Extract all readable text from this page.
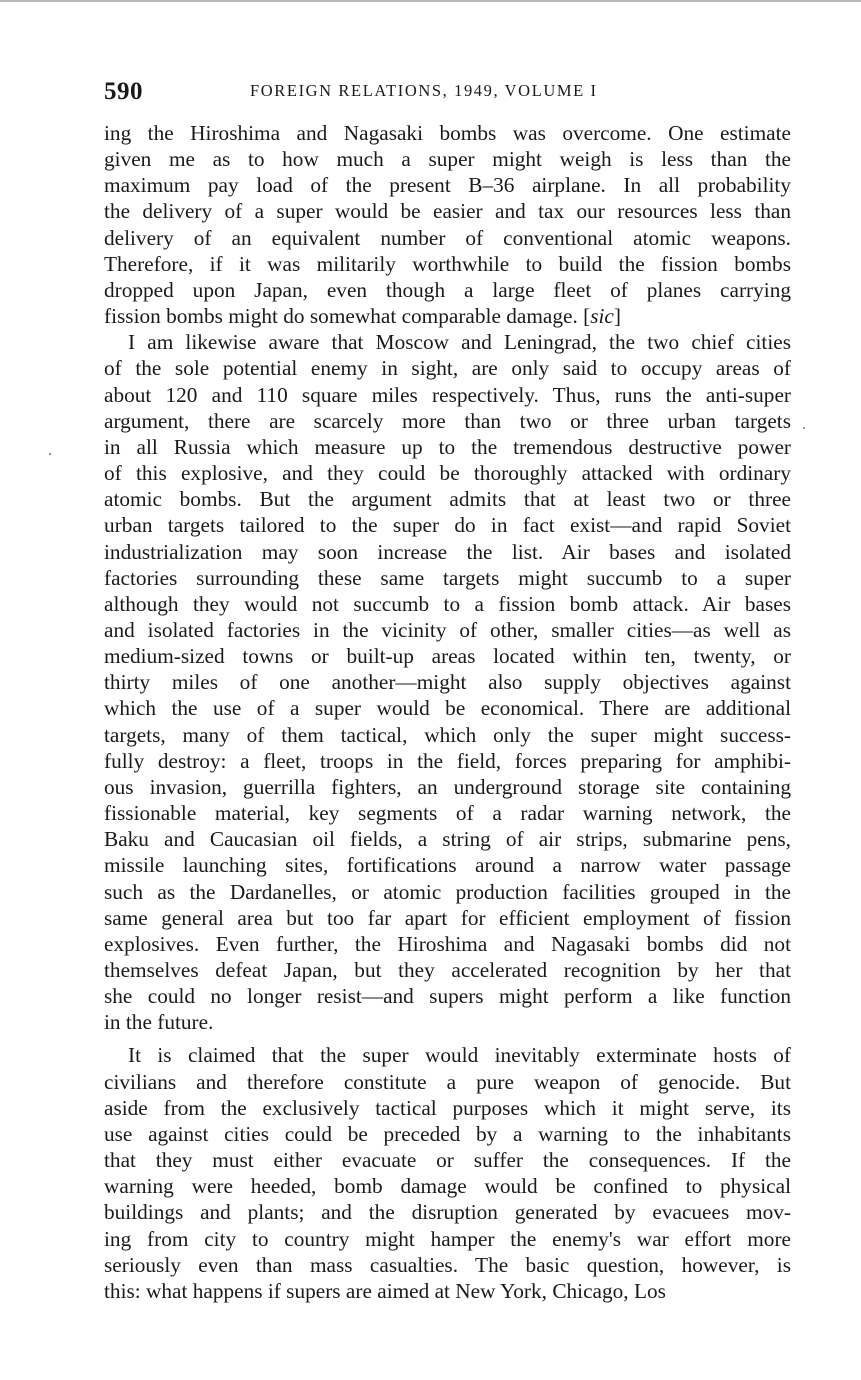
590	FOREIGN RELATIONS, 1949, VOLUME I
ing the Hiroshima and Nagasaki bombs was overcome. One estimate
given me as to how much a super might weigh is less than the
maximum pay load of the present B–36 airplane. In all probability
the delivery of a super would be easier and tax our resources less than
delivery of an equivalent number of conventional atomic weapons.
Therefore, if it was militarily worthwhile to build the fission bombs
dropped upon Japan, even though a large fleet of planes carrying
fission bombs might do somewhat comparable damage. [sic]
I am likewise aware that Moscow and Leningrad, the two chief cities
of the sole potential enemy in sight, are only said to occupy areas of
about 120 and 110 square miles respectively. Thus, runs the anti-super
argument, there are scarcely more than two or three urban targets
in all Russia which measure up to the tremendous destructive power
of this explosive, and they could be thoroughly attacked with ordinary
atomic bombs. But the argument admits that at least two or three
urban targets tailored to the super do in fact exist—and rapid Soviet
industrialization may soon increase the list. Air bases and isolated
factories surrounding these same targets might succumb to a super
although they would not succumb to a fission bomb attack. Air bases
and isolated factories in the vicinity of other, smaller cities—as well as
medium-sized towns or built-up areas located within ten, twenty, or
thirty miles of one another—might also supply objectives against
which the use of a super would be economical. There are additional
targets, many of them tactical, which only the super might success-
fully destroy: a fleet, troops in the field, forces preparing for amphibi-
ous invasion, guerrilla fighters, an underground storage site containing
fissionable material, key segments of a radar warning network, the
Baku and Caucasian oil fields, a string of air strips, submarine pens,
missile launching sites, fortifications around a narrow water passage
such as the Dardanelles, or atomic production facilities grouped in the
same general area but too far apart for efficient employment of fission
explosives. Even further, the Hiroshima and Nagasaki bombs did not
themselves defeat Japan, but they accelerated recognition by her that
she could no longer resist—and supers might perform a like function
in the future.
It is claimed that the super would inevitably exterminate hosts of
civilians and therefore constitute a pure weapon of genocide. But
aside from the exclusively tactical purposes which it might serve, its
use against cities could be preceded by a warning to the inhabitants
that they must either evacuate or suffer the consequences. If the
warning were heeded, bomb damage would be confined to physical
buildings and plants; and the disruption generated by evacuees mov-
ing from city to country might hamper the enemy's war effort more
seriously even than mass casualties. The basic question, however, is
this: what happens if supers are aimed at New York, Chicago, Los
